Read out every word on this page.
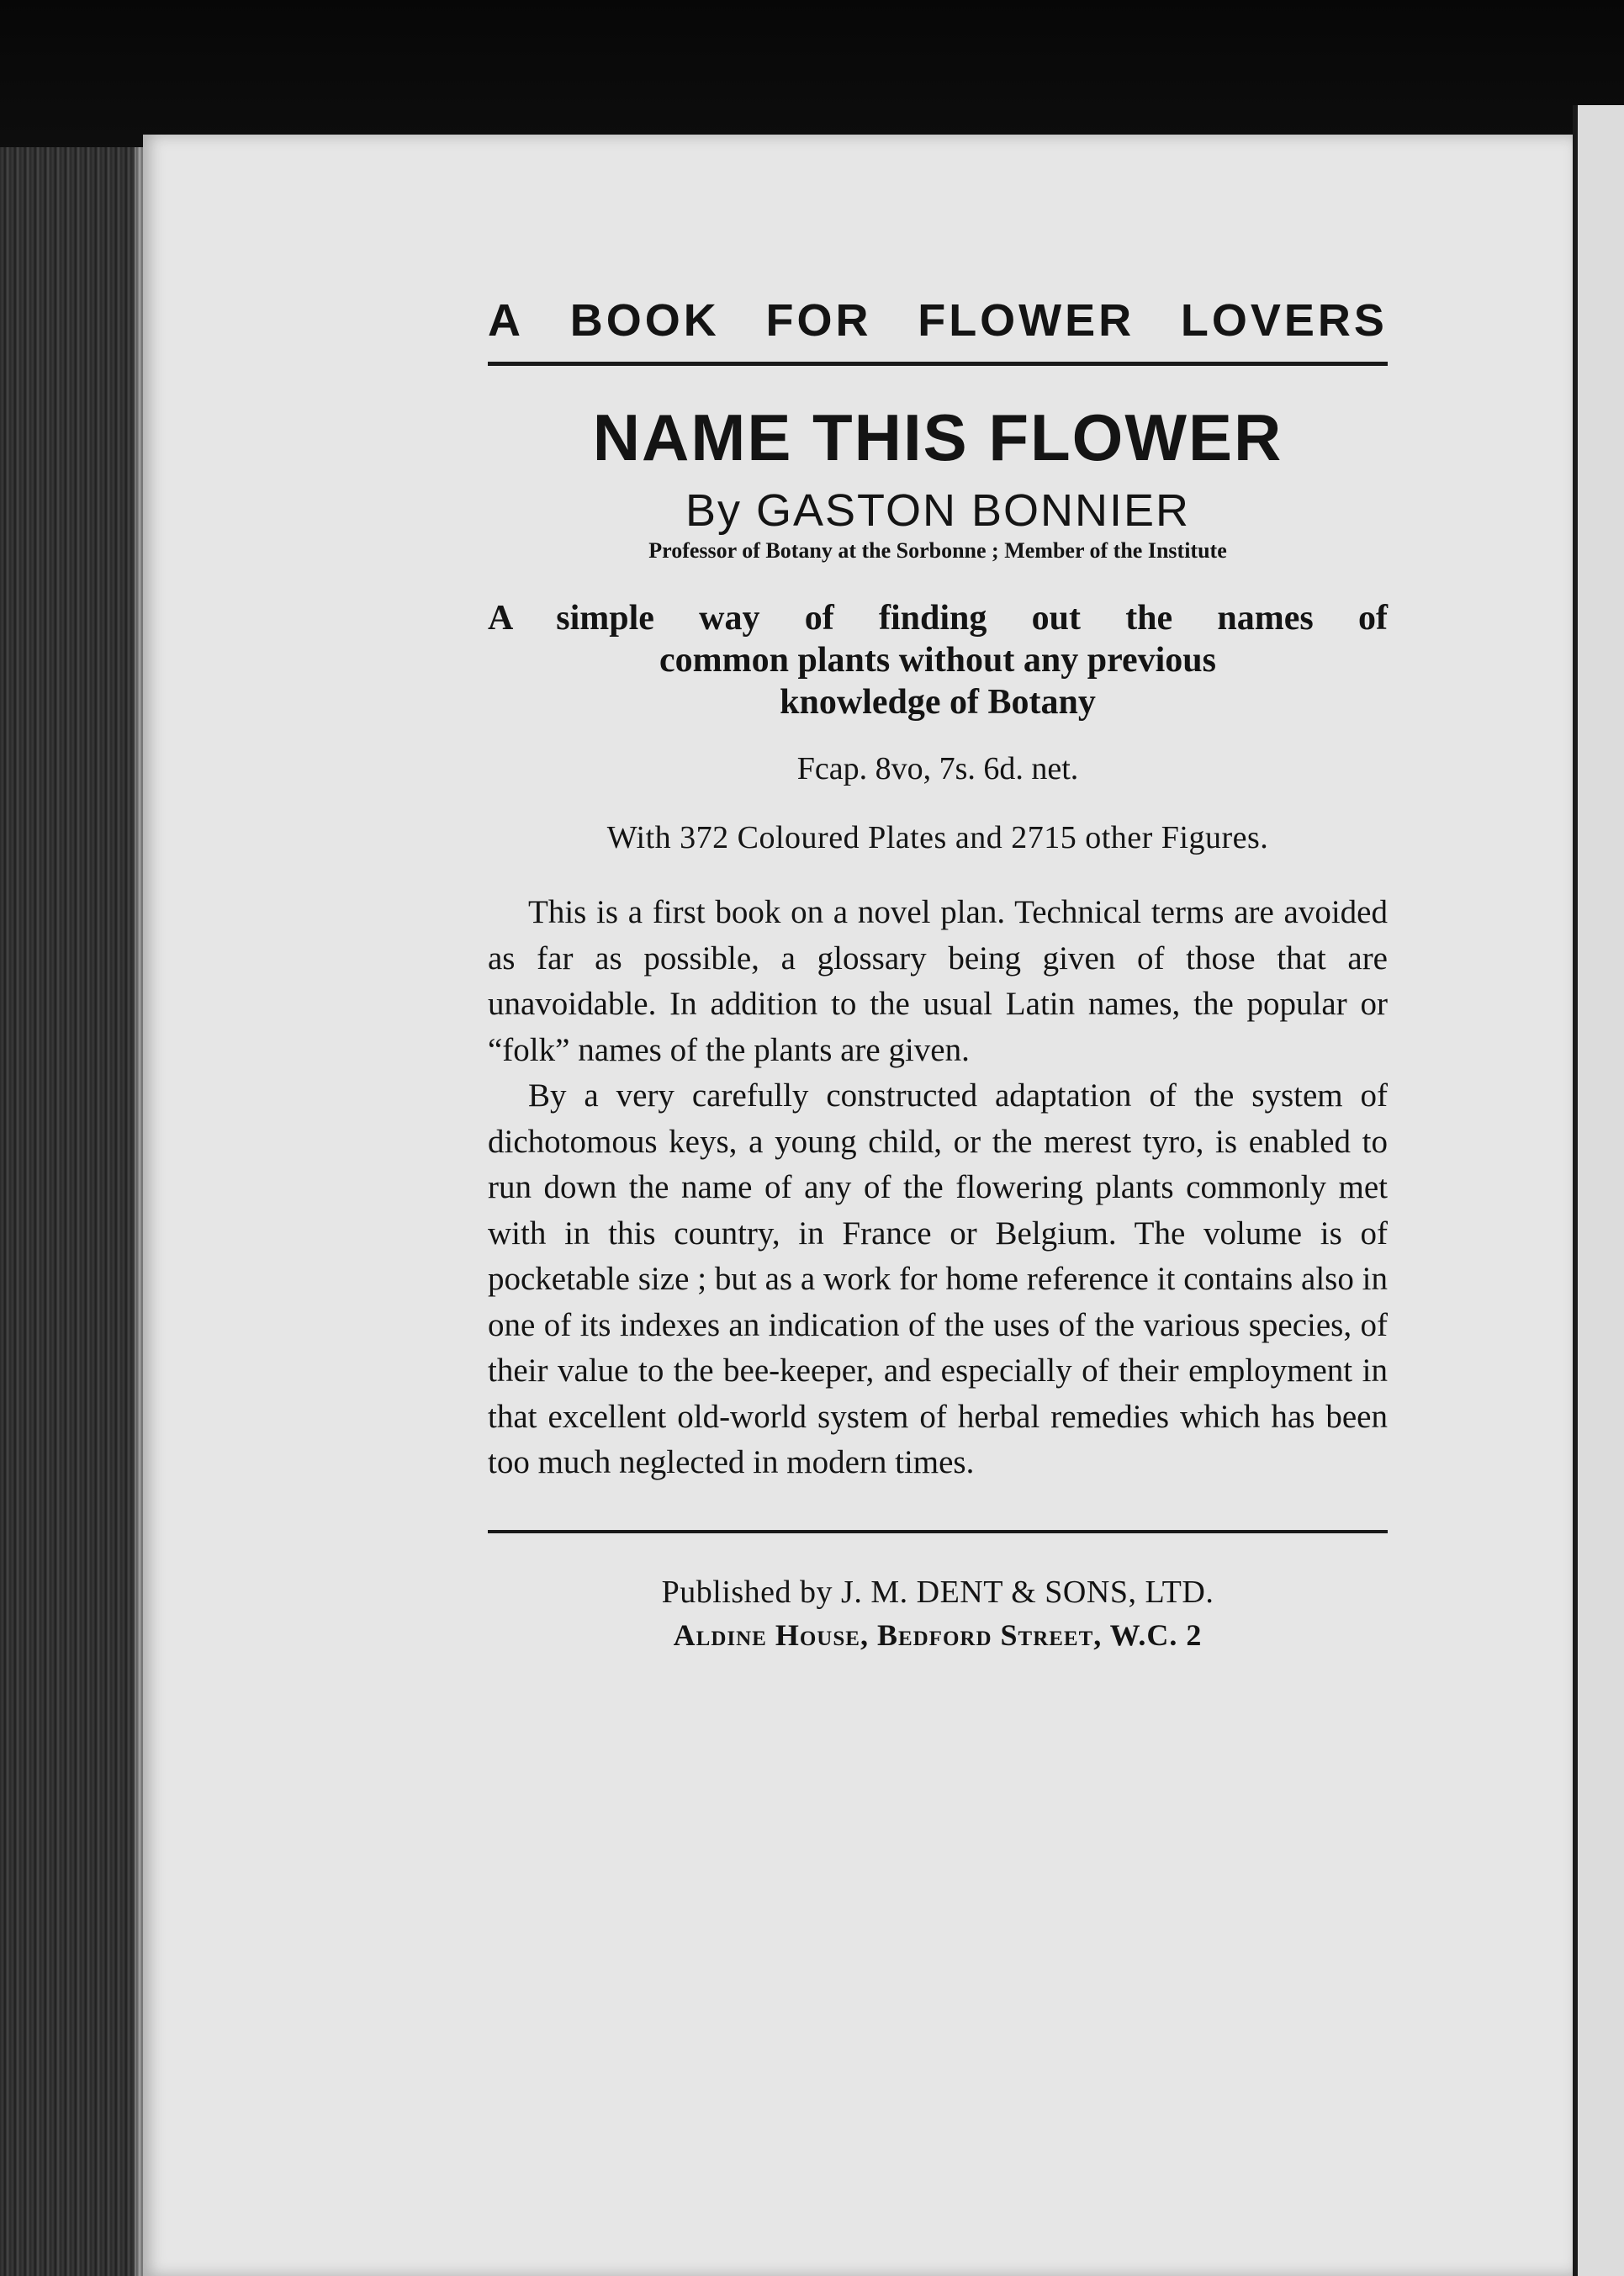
A BOOK FOR FLOWER LOVERS
NAME THIS FLOWER
By GASTON BONNIER
Professor of Botany at the Sorbonne ; Member of the Institute
A simple way of finding out the names of
common plants without any previous
knowledge of Botany
Fcap. 8vo, 7s. 6d. net.
With 372 Coloured Plates and 2715 other Figures.

This is a first book on a novel plan. Technical terms are avoided as far as possible, a glossary being given of those that are unavoidable. In addition to the usual Latin names, the popular or “folk” names of the plants are given.

By a very carefully constructed adaptation of the system of dichotomous keys, a young child, or the merest tyro, is enabled to run down the name of any of the flowering plants commonly met with in this country, in France or Belgium. The volume is of pocketable size ; but as a work for home reference it contains also in one of its indexes an indication of the uses of the various species, of their value to the bee-keeper, and especially of their employment in that excellent old-world system of herbal remedies which has been too much neglected in modern times.

Published by J. M. DENT & SONS, LTD.
Aldine House, Bedford Street, W.C. 2
